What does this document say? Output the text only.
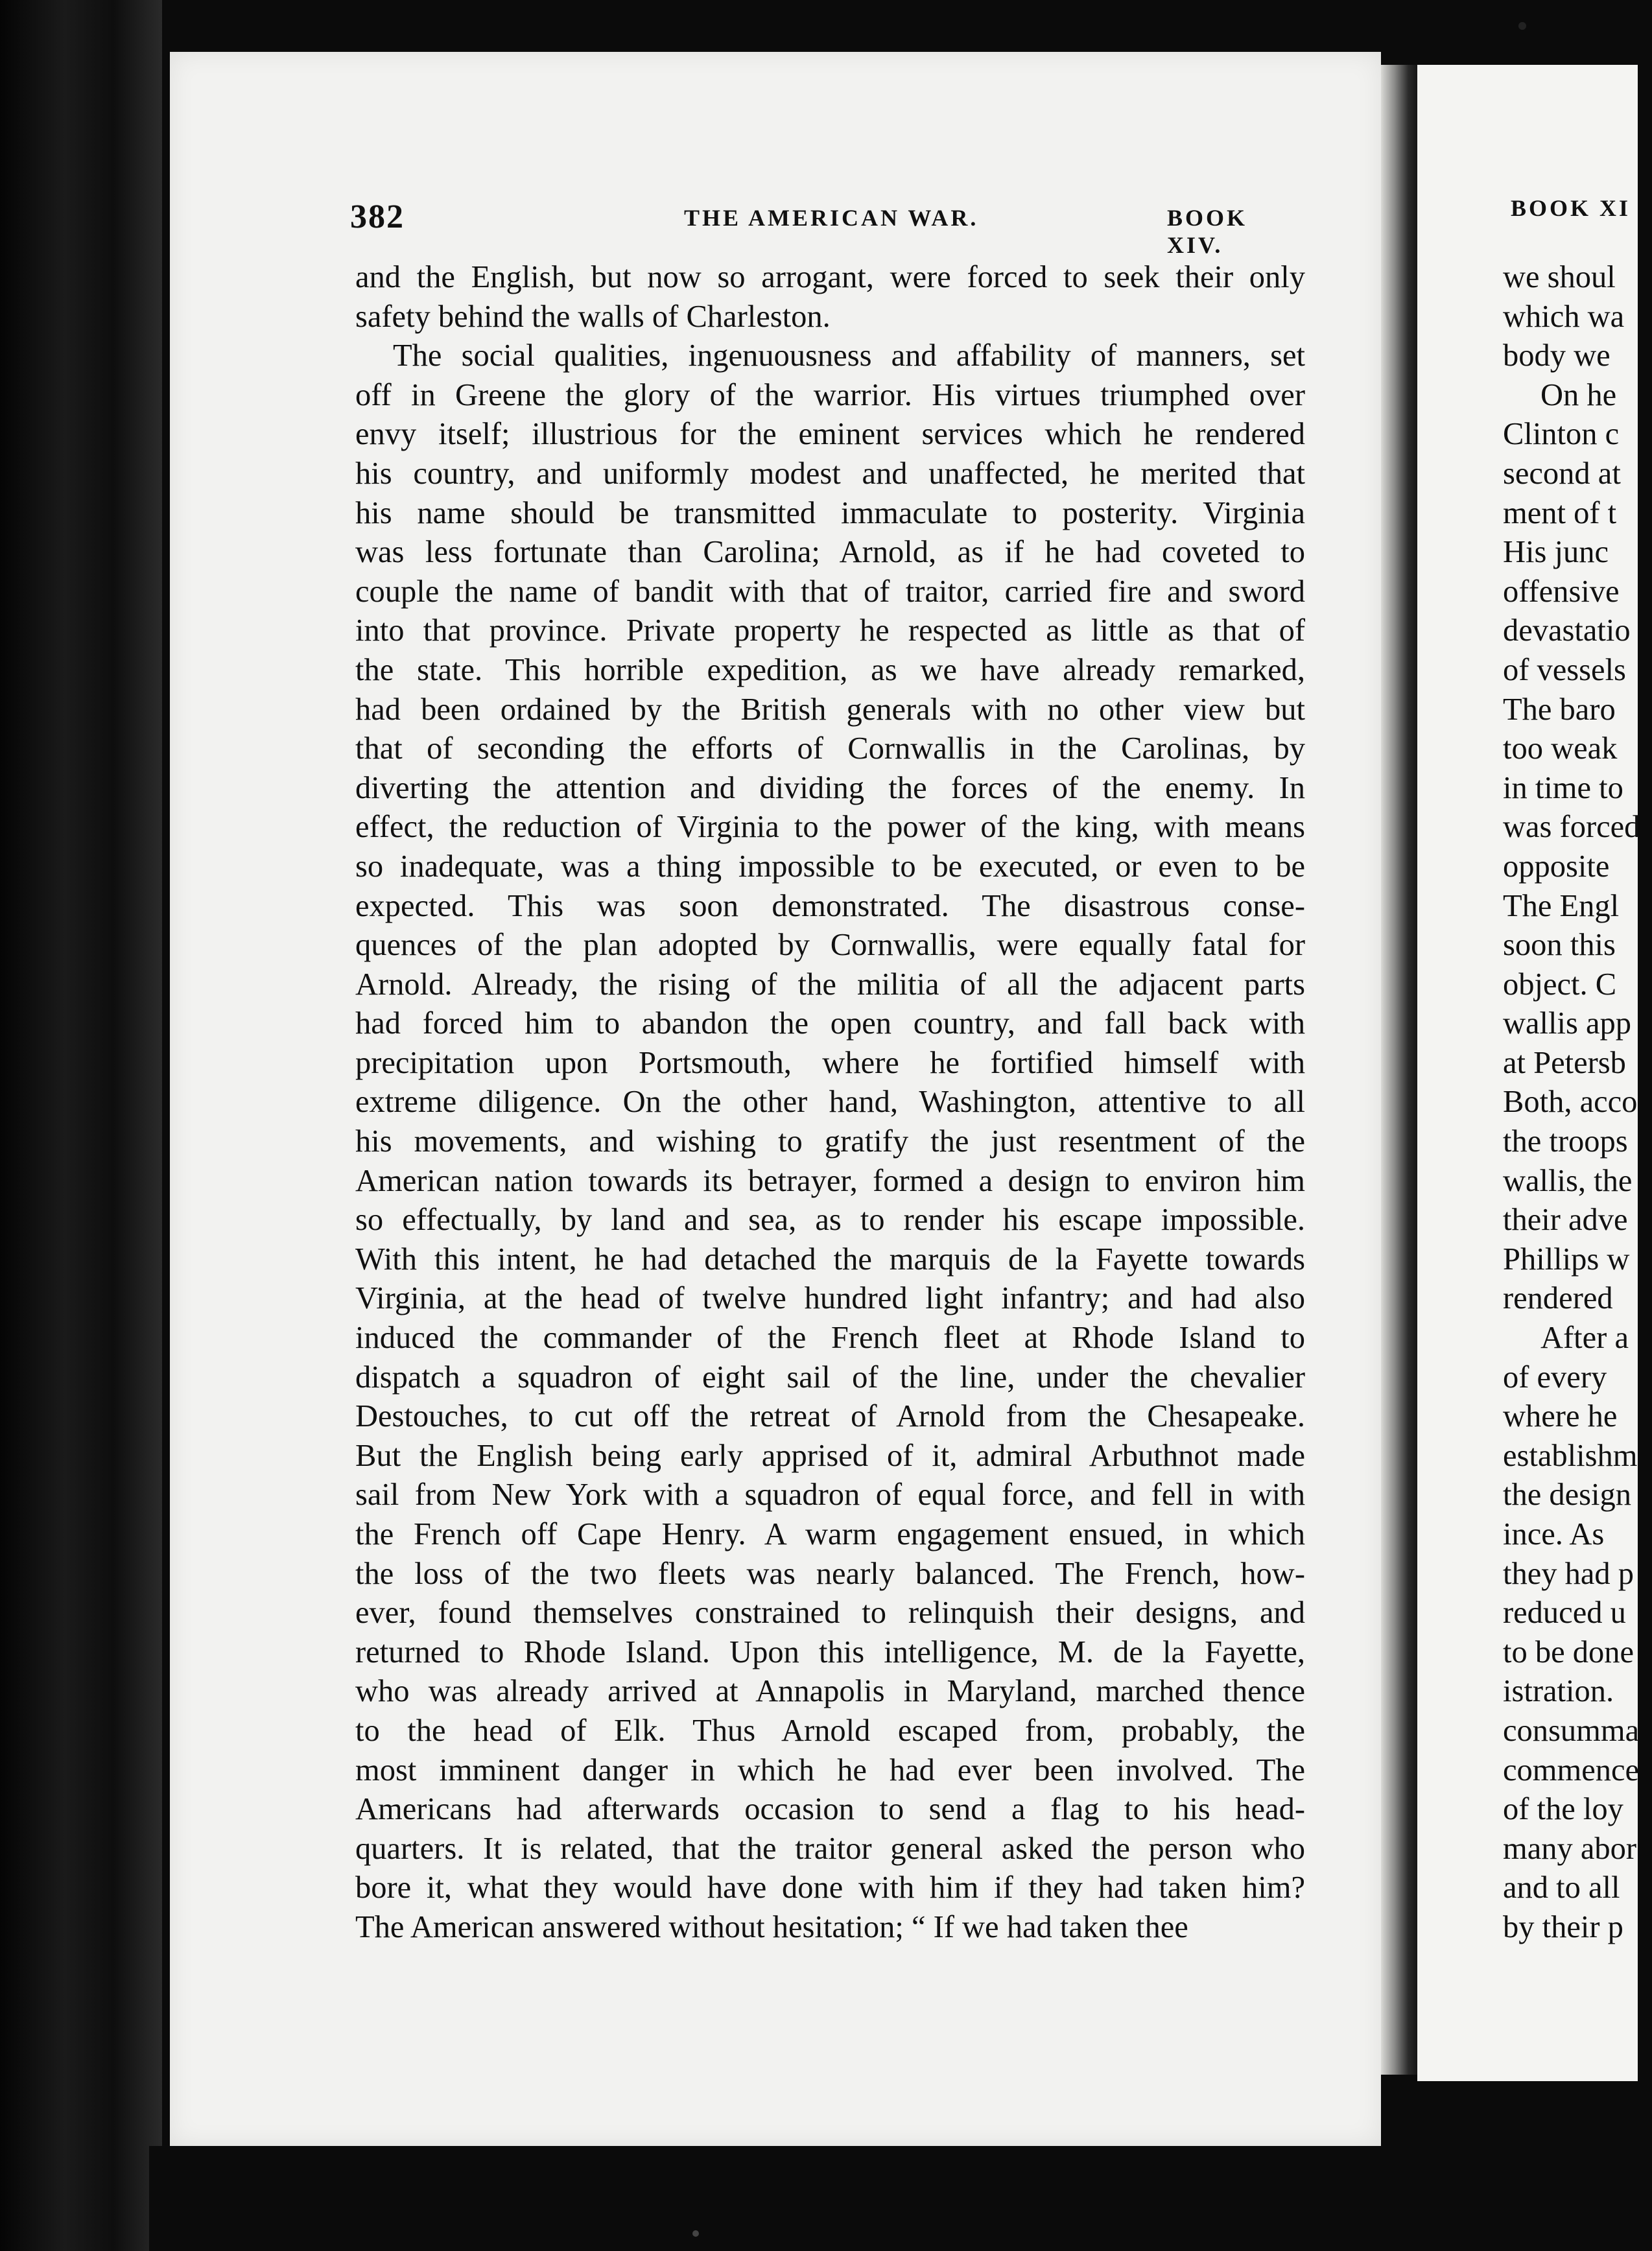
382	THE AMERICAN WAR.	BOOK XIV.
and the English, but now so arrogant, were forced to seek their only
safety behind the walls of Charleston.
The social qualities, ingenuousness and affability of manners, set
off in Greene the glory of the warrior. His virtues triumphed over
envy itself; illustrious for the eminent services which he rendered
his country, and uniformly modest and unaffected, he merited that
his name should be transmitted immaculate to posterity. Virginia
was less fortunate than Carolina; Arnold, as if he had coveted to
couple the name of bandit with that of traitor, carried fire and sword
into that province. Private property he respected as little as that of
the state. This horrible expedition, as we have already remarked,
had been ordained by the British generals with no other view but
that of seconding the efforts of Cornwallis in the Carolinas, by
diverting the attention and dividing the forces of the enemy. In
effect, the reduction of Virginia to the power of the king, with means
so inadequate, was a thing impossible to be executed, or even to be
expected. This was soon demonstrated. The disastrous conse-
quences of the plan adopted by Cornwallis, were equally fatal for
Arnold. Already, the rising of the militia of all the adjacent parts
had forced him to abandon the open country, and fall back with
precipitation upon Portsmouth, where he fortified himself with
extreme diligence. On the other hand, Washington, attentive to all
his movements, and wishing to gratify the just resentment of the
American nation towards its betrayer, formed a design to environ him
so effectually, by land and sea, as to render his escape impossible.
With this intent, he had detached the marquis de la Fayette towards
Virginia, at the head of twelve hundred light infantry; and had also
induced the commander of the French fleet at Rhode Island to
dispatch a squadron of eight sail of the line, under the chevalier
Destouches, to cut off the retreat of Arnold from the Chesapeake.
But the English being early apprised of it, admiral Arbuthnot made
sail from New York with a squadron of equal force, and fell in with
the French off Cape Henry. A warm engagement ensued, in which
the loss of the two fleets was nearly balanced. The French, how-
ever, found themselves constrained to relinquish their designs, and
returned to Rhode Island. Upon this intelligence, M. de la Fayette,
who was already arrived at Annapolis in Maryland, marched thence
to the head of Elk. Thus Arnold escaped from, probably, the
most imminent danger in which he had ever been involved. The
Americans had afterwards occasion to send a flag to his head-
quarters. It is related, that the traitor general asked the person who
bore it, what they would have done with him if they had taken him?
The American answered without hesitation; “ If we had taken thee
BOOK XI
we shoul
which wa
body we
On he
Clinton c
second at
ment of t
His junc
offensive
devastatio
of vessels
The baro
too weak
in time to
was forced
opposite
The Engl
soon this
object. C
wallis app
at Petersb
Both, acco
the troops
wallis, the
their adve
Phillips w
rendered
After a
of every
where he
establishm
the design
ince. As
they had p
reduced u
to be done
istration.
consumma
commence
of the loy
many abor
and to all
by their p
